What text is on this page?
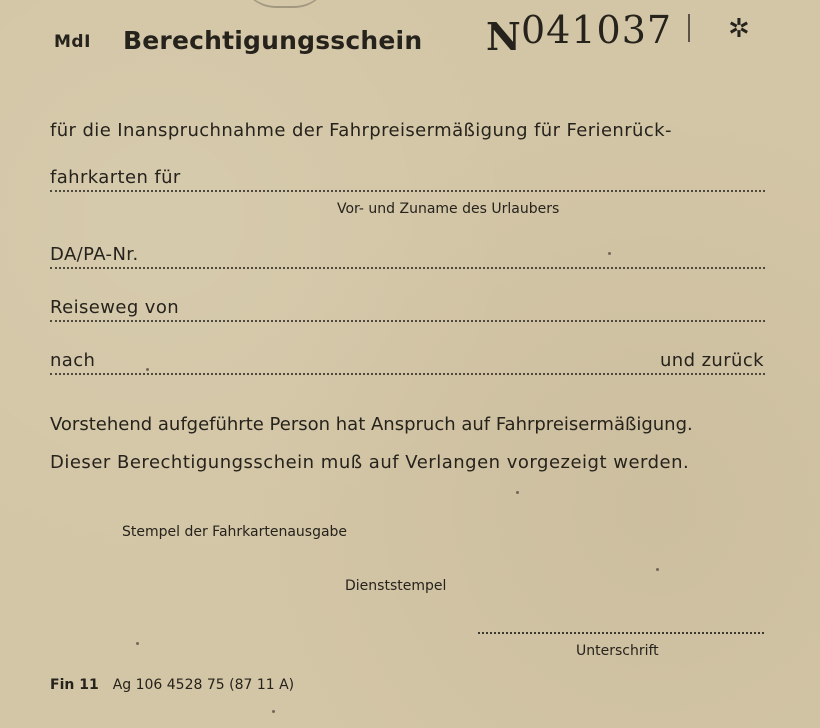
MdI Berechtigungsschein N 041037 ✲
für die Inanspruchnahme der Fahrpreisermäßigung für Ferienrück-
fahrkarten für
Vor- und Zuname des Urlaubers
DA/PA-Nr.
Reiseweg von
nach	und zurück
Vorstehend aufgeführte Person hat Anspruch auf Fahrpreisermäßigung.
Dieser Berechtigungsschein muß auf Verlangen vorgezeigt werden.
Stempel der Fahrkartenausgabe
Dienststempel
Unterschrift
Fin 11 Ag 106 4528 75 (87 11 A)
